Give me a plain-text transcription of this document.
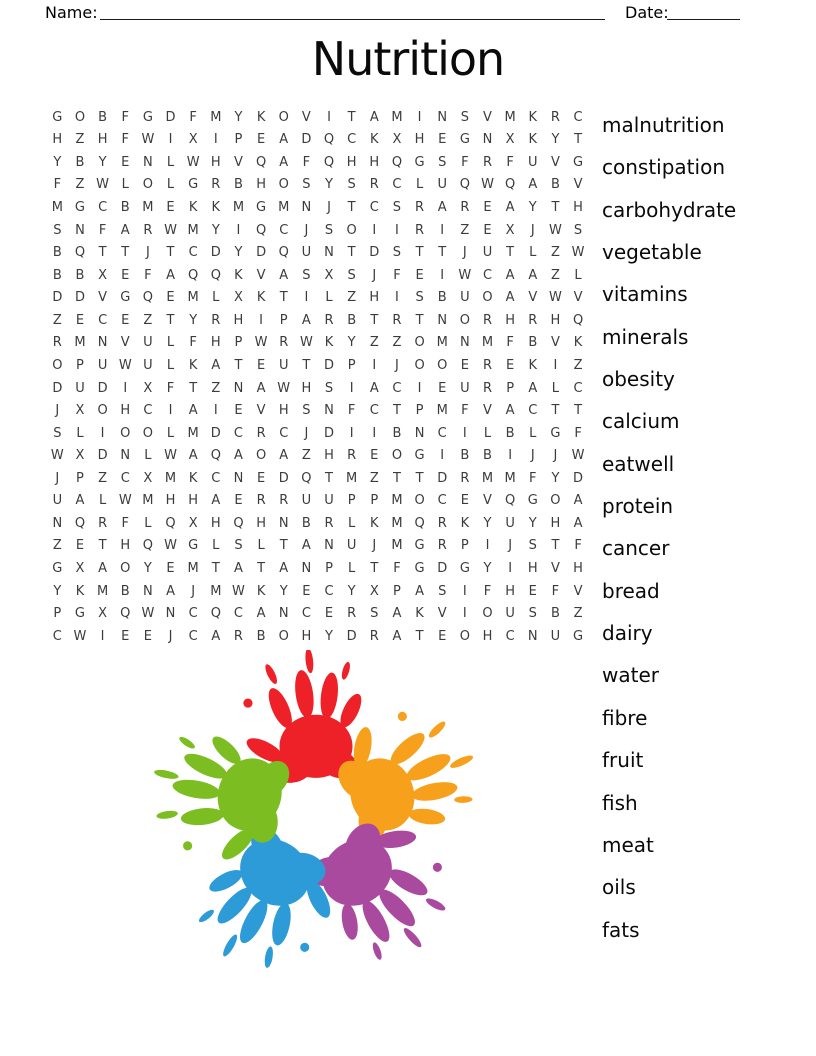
Name:	Date:
Nutrition
G O	B	F	G D	F	M	Y	K	O	V	I	T	A M	I	N	S	V M K	R	C
H	Z	H	F W	I	X	I	P	E	A	D Q C	K	X	H	E	G N	X	K	Y	T
Y	B	Y	E	N	L W H	V	Q	A	F	Q H H Q G	S	F	R	F	U	V	G
F	Z W L	O	L	G	R	B	H O	S	Y	S	R	C	L	U Q W Q	A	B	V
M G	C	B M E	K	K M G M N	J	T	C	S	R	A	R	E	A	Y	T	H
S	N	F	A	R W M	Y	I	Q C	J	S	O	I	I	R	I	Z	E	X	J	W S
B	Q	T	T	J	T	C	D	Y	D Q U	N	T	D	S	T	T	J	U	T	L	Z W
B	B	X	E	F	A	Q Q	K	V	A	S	X	S	J	F	E	I	W C	A	A	Z	L
D D	V	G Q	E M	L	X	K	T	I	L	Z	H	I	S	B	U O	A	V W V
Z	E	C	E	Z	T	Y	R	H	I	P	A	R	B	T	R	T	N O	R	H	R	H Q
R M N	V	U	L	F	H	P W R W K	Y	Z	Z	O M N M	F	B	V	K
O	P	U W U	L	K	A	T	E	U	T	D	P	I	J	O O	E	R	E	K	I	Z
D U D	I	X	F	T	Z	N	A W H	S	I	A	C	I	E	U	R	P	A	L	C
J	X	O H	C	I	A	I	E	V	H	S	N	F	C	T	P	M	F	V	A	C	T	T
S	L	I	O O	L	M D	C	R	C	J	D	I	I	B	N	C	I	L	B	L	G	F
W X	D N	L W A	Q	A	O	A	Z	H	R	E	O G	I	B	B	I	J	J	W
J	P	Z	C	X M K	C	N	E	D Q	T	M Z	T	T	D	R M M	F	Y	D
U	A	L W M H H	A	E	R	R	U	U	P	P	M O C	E	V	Q G O	A
N Q	R	F	L	Q	X	H Q H N	B	R	L	K M Q	R	K	Y	U	Y	H	A
Z	E	T	H Q W G	L	S	L	T	A	N	U	J	M G	R	P	I	J	S	T	F
G	X	A	O	Y	E M	T	A	T	A	N	P	L	T	F	G D G	Y	I	H	V	H
Y	K M B	N	A	J	M W K	Y	E	C	Y	X	P	A	S	I	F	H	E	F	V
P	G	X	Q W N	C Q C	A	N	C	E	R	S	A	K	V	I	O U	S	B	Z
C W	I	E	E	J	C	A	R	B	O H	Y	D	R	A	T	E	O H	C	N	U G
malnutrition
constipation
carbohydrate
vegetable
vitamins
minerals
obesity
calcium
eatwell
protein
cancer
bread
dairy
water
fibre
fruit
fish
meat
oils
fats
